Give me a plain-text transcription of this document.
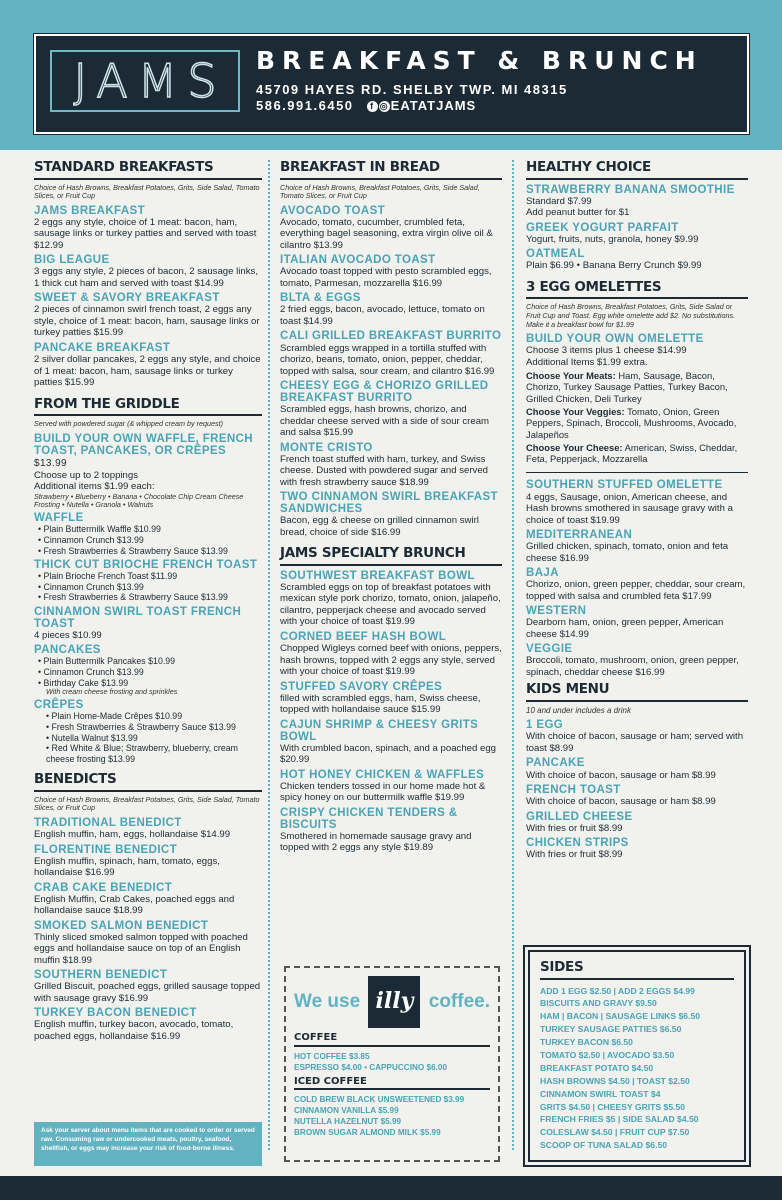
JAMS BREAKFAST & BRUNCH
45709 HAYES RD. SHELBY TWP. MI 48315
586.991.6450 f ◎ EATATJAMS
STANDARD BREAKFASTS
Choice of Hash Browns, Breakfast Potatoes, Grits, Side Salad, Tomato Slices, or Fruit Cup
JAMS BREAKFAST
2 eggs any style, choice of 1 meat: bacon, ham, sausage links or turkey patties and served with toast $12.99
BIG LEAGUE
3 eggs any style, 2 pieces of bacon, 2 sausage links, 1 thick cut ham and served with toast $14.99
SWEET & SAVORY BREAKFAST
2 pieces of cinnamon swirl french toast, 2 eggs any style, choice of 1 meat: bacon, ham, sausage links or turkey patties $15.99
PANCAKE BREAKFAST
2 silver dollar pancakes, 2 eggs any style, and choice of 1 meat: bacon, ham, sausage links or turkey patties $15.99
FROM THE GRIDDLE
Served with powdered sugar (& whipped cream by request)
BUILD YOUR OWN WAFFLE, FRENCH TOAST, PANCAKES, OR CRÊPES $13.99
Choose up to 2 toppings
Additional items $1.99 each:
Strawberry • Blueberry • Banana • Chocolate Chip Cream Cheese Frosting • Nutella • Granola • Walnuts
WAFFLE
• Plain Buttermilk Waffle $10.99
• Cinnamon Crunch $13.99
• Fresh Strawberries & Strawberry Sauce $13.99
THICK CUT BRIOCHE FRENCH TOAST
• Plain Brioche French Toast $11.99
• Cinnamon Crunch $13.99
• Fresh Strawberries & Strawberry Sauce $13.99
CINNAMON SWIRL TOAST FRENCH TOAST
4 pieces $10.99
PANCAKES
• Plain Buttermilk Pancakes $10.99
• Cinnamon Crunch $13.99
• Birthday Cake $13.99
With cream cheese frosting and sprinkles
CRÊPES
• Plain Home-Made Crêpes $10.99
• Fresh Strawberries & Strawberry Sauce $13.99
• Nutella Walnut $13.99
• Red White & Blue; Strawberry, blueberry, cream cheese frosting $13.99
BENEDICTS
Choice of Hash Browns, Breakfast Potatoes, Grits, Side Salad, Tomato Slices, or Fruit Cup
TRADITIONAL BENEDICT
English muffin, ham, eggs, hollandaise $14.99
FLORENTINE BENEDICT
English muffin, spinach, ham, tomato, eggs, hollandaise $16.99
CRAB CAKE BENEDICT
English Muffin, Crab Cakes, poached eggs and hollandaise sauce $18.99
SMOKED SALMON BENEDICT
Thinly sliced smoked salmon topped with poached eggs and hollandaise sauce on top of an English muffin $18.99
SOUTHERN BENEDICT
Grilled Biscuit, poached eggs, grilled sausage topped with sausage gravy $16.99
TURKEY BACON BENEDICT
English muffin, turkey bacon, avocado, tomato, poached eggs, hollandaise $16.99
Ask your server about menu items that are cooked to order or served raw. Consuming raw or undercooked meats, poultry, seafood, shellfish, or eggs may increase your risk of food-borne illness.
BREAKFAST IN BREAD
Choice of Hash Browns, Breakfast Potatoes, Grits, Side Salad, Tomato Slices, or Fruit Cup
AVOCADO TOAST
Avocado, tomato, cucumber, crumbled feta, everything bagel seasoning, extra virgin olive oil & cilantro $13.99
ITALIAN AVOCADO TOAST
Avocado toast topped with pesto scrambled eggs, tomato, Parmesan, mozzarella $16.99
BLTA & EGGS
2 fried eggs, bacon, avocado, lettuce, tomato on toast $14.99
CALI GRILLED BREAKFAST BURRITO
Scrambled eggs wrapped in a tortilla stuffed with chorizo, beans, tomato, onion, pepper, cheddar, topped with salsa, sour cream, and cilantro $16.99
CHEESY EGG & CHORIZO GRILLED BREAKFAST BURRITO
Scrambled eggs, hash browns, chorizo, and cheddar cheese served with a side of sour cream and salsa $15.99
MONTE CRISTO
French toast stuffed with ham, turkey, and Swiss cheese. Dusted with powdered sugar and served with fresh strawberry sauce $18.99
TWO CINNAMON SWIRL BREAKFAST SANDWICHES
Bacon, egg & cheese on grilled cinnamon swirl bread, choice of side $16.99
JAMS SPECIALTY BRUNCH
SOUTHWEST BREAKFAST BOWL
Scrambled eggs on top of breakfast potatoes with mexican style pork chorizo, tomato, onion, jalapeño, cilantro, pepperjack cheese and avocado served with your choice of toast $19.99
CORNED BEEF HASH BOWL
Chopped Wigleys corned beef with onions, peppers, hash browns, topped with 2 eggs any style, served with your choice of toast $19.99
STUFFED SAVORY CRÊPES
filled with scrambled eggs, ham, Swiss cheese, topped with hollandaise sauce $15.99
CAJUN SHRIMP & CHEESY GRITS BOWL
With crumbled bacon, spinach, and a poached egg $20.99
HOT HONEY CHICKEN & WAFFLES
Chicken tenders tossed in our home made hot & spicy honey on our buttermilk waffle $19.99
CRISPY CHICKEN TENDERS & BISCUITS
Smothered in homemade sausage gravy and topped with 2 eggs any style $19.89
We use illy coffee.
COFFEE
HOT COFFEE $3.85
ESPRESSO $4.00 • CAPPUCCINO $6.00
ICED COFFEE
COLD BREW BLACK UNSWEETENED $3.99
CINNAMON VANILLA $5.99
NUTELLA HAZELNUT $5.99
BROWN SUGAR ALMOND MILK $5.99
HEALTHY CHOICE
STRAWBERRY BANANA SMOOTHIE
Standard $7.99
Add peanut butter for $1
GREEK YOGURT PARFAIT
Yogurt, fruits, nuts, granola, honey $9.99
OATMEAL
Plain $6.99 • Banana Berry Crunch $9.99
3 EGG OMELETTES
Choice of Hash Browns, Breakfast Potatoes, Grits, Side Salad or Fruit Cup and Toast. Egg white omelette add $2. No substitutions. Make it a breakfast bowl for $1.99
BUILD YOUR OWN OMELETTE
Choose 3 items plus 1 cheese $14.99
Additional Items $1.99 extra.
Choose Your Meats: Ham, Sausage, Bacon, Chorizo, Turkey Sausage Patties, Turkey Bacon, Grilled Chicken, Deli Turkey
Choose Your Veggies: Tomato, Onion, Green Peppers, Spinach, Broccoli, Mushrooms, Avocado, Jalapeños
Choose Your Cheese: American, Swiss, Cheddar, Feta, Pepperjack, Mozzarella
SOUTHERN STUFFED OMELETTE
4 eggs, Sausage, onion, American cheese, and Hash browns smothered in sausage gravy with a choice of toast $19.99
MEDITERRANEAN
Grilled chicken, spinach, tomato, onion and feta cheese $16.99
BAJA
Chorizo, onion, green pepper, cheddar, sour cream, topped with salsa and crumbled feta $17.99
WESTERN
Dearborn ham, onion, green pepper, American cheese $14.99
VEGGIE
Broccoli, tomato, mushroom, onion, green pepper, spinach, cheddar cheese $16.99
KIDS MENU
10 and under includes a drink
1 EGG
With choice of bacon, sausage or ham; served with toast $8.99
PANCAKE
With choice of bacon, sausage or ham $8.99
FRENCH TOAST
With choice of bacon, sausage or ham $8.99
GRILLED CHEESE
With fries or fruit $8.99
CHICKEN STRIPS
With fries or fruit $8.99
SIDES
ADD 1 EGG $2.50 | ADD 2 EGGS $4.99
BISCUITS AND GRAVY $9.50
HAM | BACON | SAUSAGE LINKS $6.50
TURKEY SAUSAGE PATTIES $6.50
TURKEY BACON $6.50
TOMATO $2.50 | AVOCADO $3.50
BREAKFAST POTATO $4.50
HASH BROWNS $4.50 | TOAST $2.50
CINNAMON SWIRL TOAST $4
GRITS $4.50 | CHEESY GRITS $5.50
FRENCH FRIES $5 | SIDE SALAD $4.50
COLESLAW $4.50 | FRUIT CUP $7.50
SCOOP OF TUNA SALAD $6.50
